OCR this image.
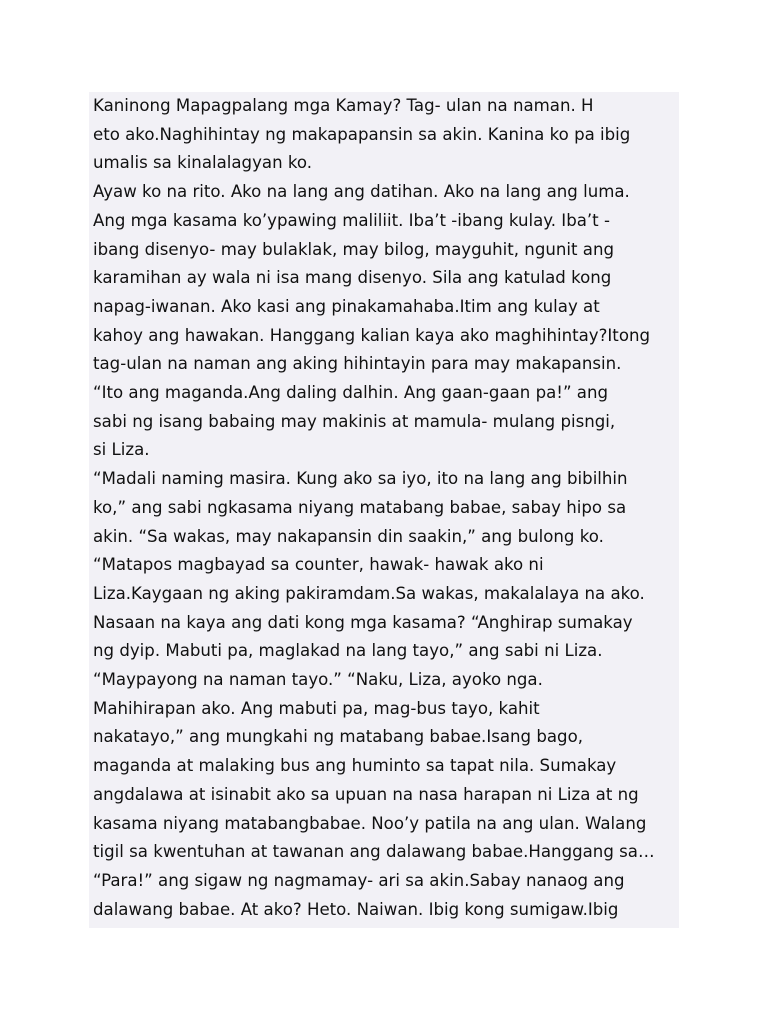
Kaninong Mapagpalang mga Kamay? Tag- ulan na naman. H
eto ako.Naghihintay ng makapapansin sa akin. Kanina ko pa ibig
umalis sa kinalalagyan ko.
Ayaw ko na rito. Ako na lang ang datihan. Ako na lang ang luma.
Ang mga kasama ko’ypawing maliliit. Iba’t -ibang kulay. Iba’t -
ibang disenyo- may bulaklak, may bilog, mayguhit, ngunit ang
karamihan ay wala ni isa mang disenyo. Sila ang katulad kong
napag-iwanan. Ako kasi ang pinakamahaba.Itim ang kulay at
kahoy ang hawakan. Hanggang kalian kaya ako maghihintay?Itong
tag-ulan na naman ang aking hihintayin para may makapansin.
“Ito ang maganda.Ang daling dalhin. Ang gaan-gaan pa!” ang
sabi ng isang babaing may makinis at mamula- mulang pisngi,
si Liza.
“Madali naming masira. Kung ako sa iyo, ito na lang ang bibilhin
ko,” ang sabi ngkasama niyang matabang babae, sabay hipo sa
akin. “Sa wakas, may nakapansin din saakin,” ang bulong ko.
“Matapos magbayad sa counter, hawak- hawak ako ni
Liza.Kaygaan ng aking pakiramdam.Sa wakas, makalalaya na ako.
Nasaan na kaya ang dati kong mga kasama? “Anghirap sumakay
ng dyip. Mabuti pa, maglakad na lang tayo,” ang sabi ni Liza.
“Maypayong na naman tayo.” “Naku, Liza, ayoko nga.
Mahihirapan ako. Ang mabuti pa, mag-bus tayo, kahit
nakatayo,” ang mungkahi ng matabang babae.Isang bago,
maganda at malaking bus ang huminto sa tapat nila. Sumakay
angdalawa at isinabit ako sa upuan na nasa harapan ni Liza at ng
kasama niyang matabangbabae. Noo’y patila na ang ulan. Walang
tigil sa kwentuhan at tawanan ang dalawang babae.Hanggang sa…
“Para!” ang sigaw ng nagmamay- ari sa akin.Sabay nanaog ang
dalawang babae. At ako? Heto. Naiwan. Ibig kong sumigaw.Ibig
